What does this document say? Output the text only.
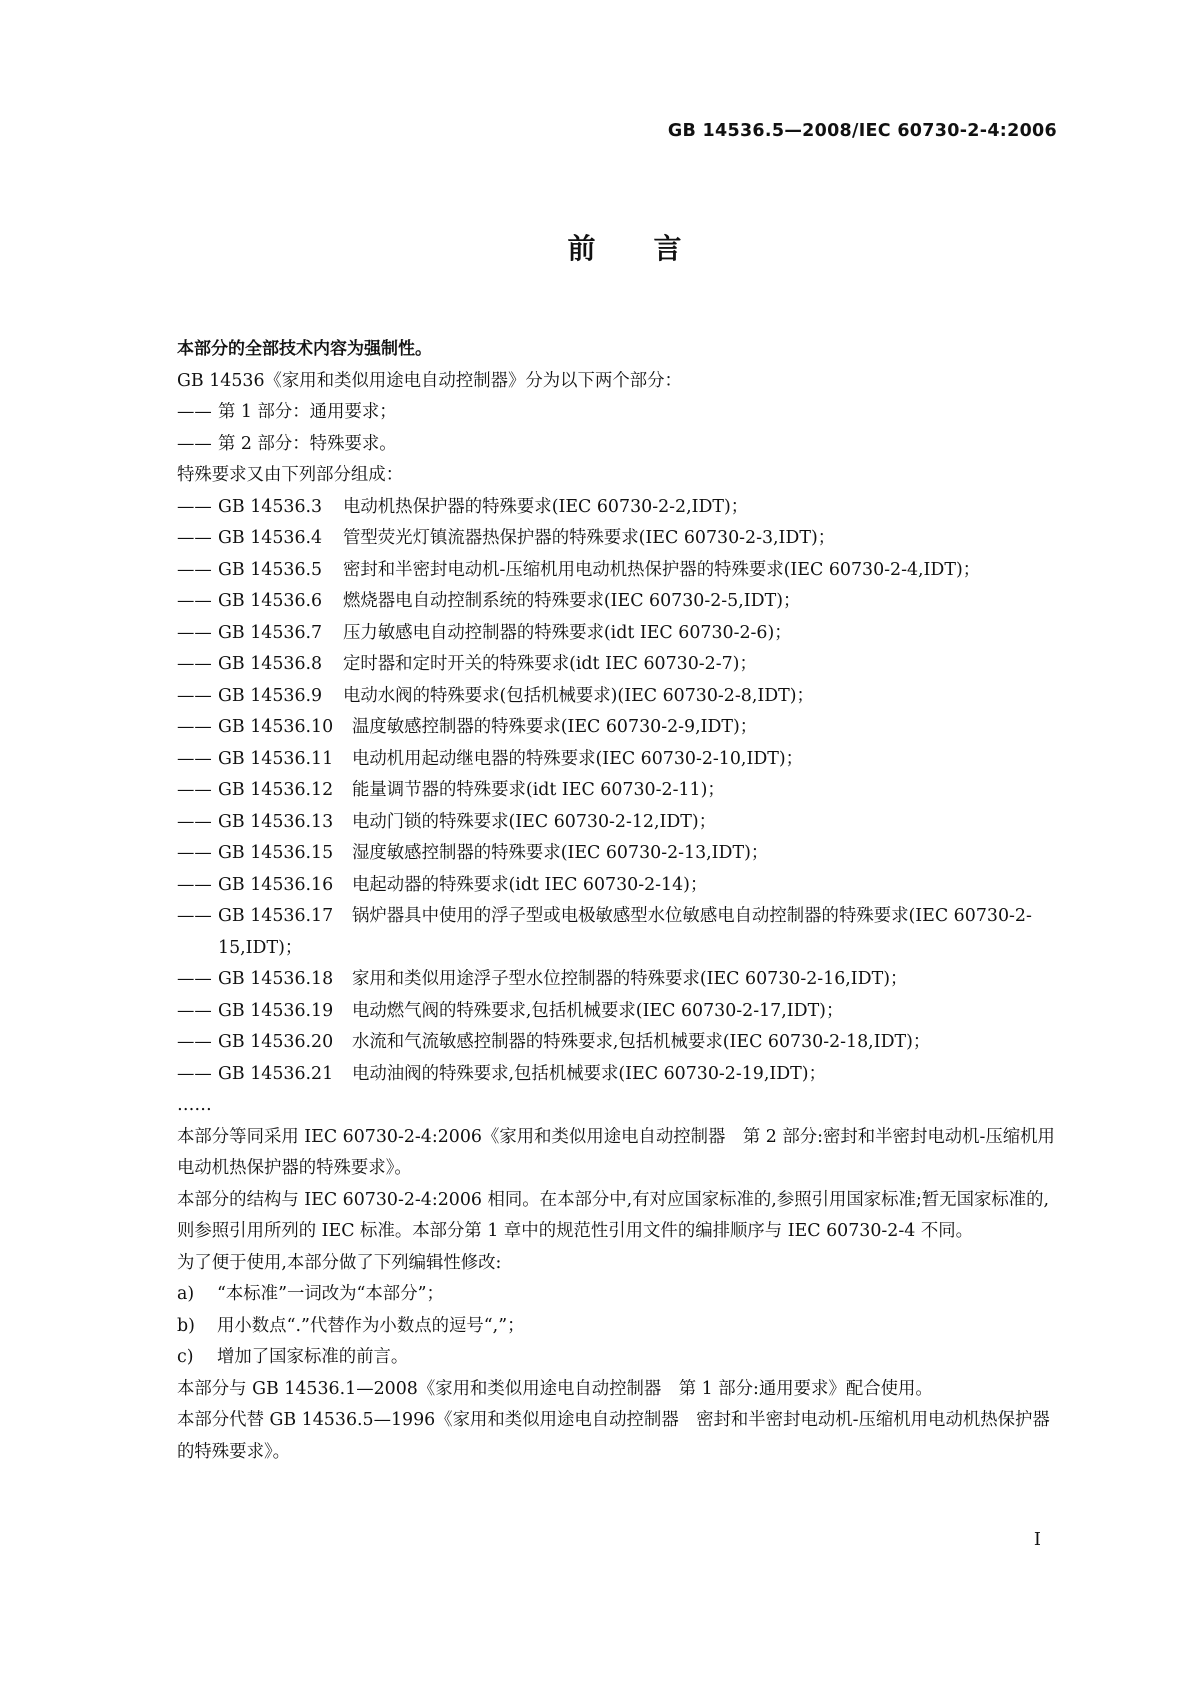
GB 14536.5—2008/IEC 60730-2-4:2006
前言

本部分的全部技术内容为强制性。

GB 14536《家用和类似用途电自动控制器》分为以下两个部分：

—— 第 1 部分：通用要求；
—— 第 2 部分：特殊要求。

特殊要求又由下列部分组成：

—— GB 14536.3 电动机热保护器的特殊要求(IEC 60730-2-2,IDT)；
—— GB 14536.4 管型荧光灯镇流器热保护器的特殊要求(IEC 60730-2-3,IDT)；
—— GB 14536.5 密封和半密封电动机-压缩机用电动机热保护器的特殊要求(IEC 60730-2-4,IDT)；
—— GB 14536.6 燃烧器电自动控制系统的特殊要求(IEC 60730-2-5,IDT)；
—— GB 14536.7 压力敏感电自动控制器的特殊要求(idt IEC 60730-2-6)；
—— GB 14536.8 定时器和定时开关的特殊要求(idt IEC 60730-2-7)；
—— GB 14536.9 电动水阀的特殊要求(包括机械要求)(IEC 60730-2-8,IDT)；
—— GB 14536.10 温度敏感控制器的特殊要求(IEC 60730-2-9,IDT)；
—— GB 14536.11 电动机用起动继电器的特殊要求(IEC 60730-2-10,IDT)；
—— GB 14536.12 能量调节器的特殊要求(idt IEC 60730-2-11)；
—— GB 14536.13 电动门锁的特殊要求(IEC 60730-2-12,IDT)；
—— GB 14536.15 湿度敏感控制器的特殊要求(IEC 60730-2-13,IDT)；
—— GB 14536.16 电起动器的特殊要求(idt IEC 60730-2-14)；
—— GB 14536.17 锅炉器具中使用的浮子型或电极敏感型水位敏感电自动控制器的特殊要求(IEC 60730-2-15,IDT)；
—— GB 14536.18 家用和类似用途浮子型水位控制器的特殊要求(IEC 60730-2-16,IDT)；
—— GB 14536.19 电动燃气阀的特殊要求,包括机械要求(IEC 60730-2-17,IDT)；
—— GB 14536.20 水流和气流敏感控制器的特殊要求,包括机械要求(IEC 60730-2-18,IDT)；
—— GB 14536.21 电动油阀的特殊要求,包括机械要求(IEC 60730-2-19,IDT)；

……

本部分等同采用 IEC 60730-2-4:2006《家用和类似用途电自动控制器　第 2 部分:密封和半密封电动机-压缩机用电动机热保护器的特殊要求》。

本部分的结构与 IEC 60730-2-4:2006 相同。在本部分中,有对应国家标准的,参照引用国家标准;暂无国家标准的,则参照引用所列的 IEC 标准。本部分第 1 章中的规范性引用文件的编排顺序与 IEC 60730-2-4 不同。

为了便于使用,本部分做了下列编辑性修改:

a) “本标准”一词改为“本部分”；

b) 用小数点“.”代替作为小数点的逗号“,”；

c) 增加了国家标准的前言。

本部分与 GB 14536.1—2008《家用和类似用途电自动控制器　第 1 部分:通用要求》配合使用。

本部分代替 GB 14536.5—1996《家用和类似用途电自动控制器　密封和半密封电动机-压缩机用电动机热保护器的特殊要求》。

I
